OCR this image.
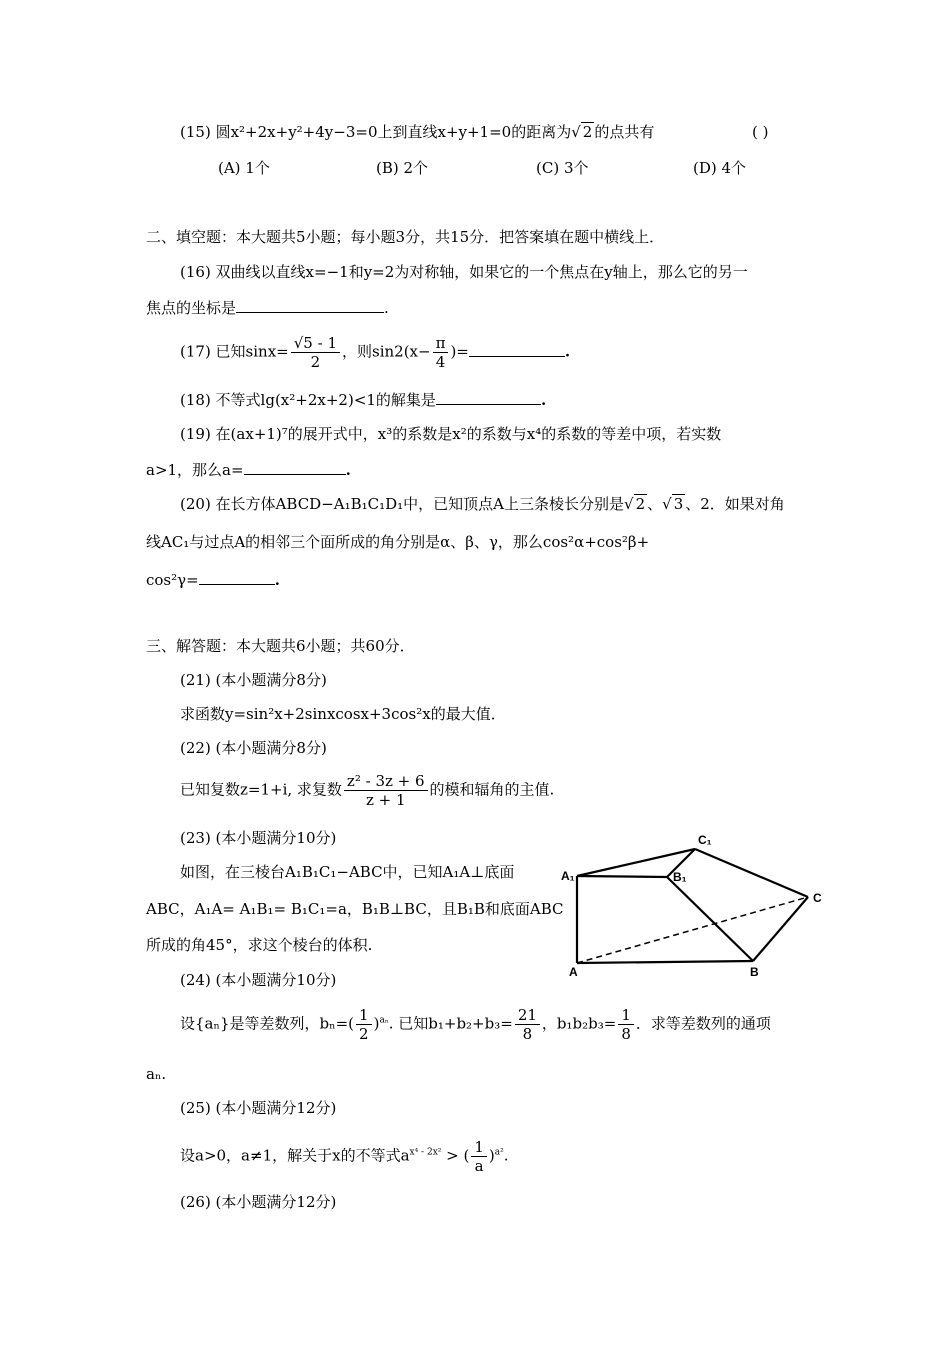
(15) 圆x²+2x+y²+4y−3=0上到直线x+y+1=0的距离为√ 2 的点共有	( )
(A) 1个	(B) 2个	(C) 3个	(D) 4个
二、填空题：本大题共5小题；每小题3分，共15分．把答案填在题中横线上．
(16) 双曲线以直线x=−1和y=2为对称轴，如果它的一个焦点在y轴上，那么它的另一
焦点的坐标是	.
(17) 已知$\sin x= \frac{√5 - 1}{2}$ ，则$\sin 2(x- \frac{\pi}{4}$ )=	.
(18) 不等式lg(x²+2x+2)<1的解集是	.
(19) 在(ax+1)⁷的展开式中，x³的系数是x²的系数与x⁴的系数的等差中项，若实数
a>1，那么a=	.
(20) 在长方体ABCD−A₁B₁C₁D₁中，已知顶点A上三条棱长分别是√ 2 、√ 3 、2．如果对角
线AC₁与过点A的相邻三个面所成的角分别是α、β、γ，那么cos²α+cos²β+
cos²γ=	.
三、解答题：本大题共6小题；共60分．
(21) (本小题满分8分)
求函数y=sin²x+2sinxcosx+3cos²x的最大值．
(22) (本小题满分8分)
已知复数z=1+i, 求复数 $\frac{\text{z² - 3z + 6}}{z + 1}$ 的模和辐角的主值.
(23) (本小题满分10分)
如图，在三棱台A₁B₁C₁−ABC中，已知A₁A⊥底面
ABC，A₁A= A₁B₁= B₁C₁=a，B₁B⊥BC，且B₁B和底面ABC
所成的角45°，求这个棱台的体积.
C₁
A₁	B₁
C
A	B
(24) (本小题满分10分)
设{aₙ}是等差数列，$b_n=( \frac{1}{2} )^{a_n}$. 已知$b_1+b_2+b_3= \frac{21}{8}$ ，$b_1b_2b_3= \frac{1}{8}$ ．求等差数列的通项
aₙ.
(25) (本小题满分12分)
设a>0，a≠1，解关于x的不等式$a^{x^4 - 2x^2}$ > ( $\frac{1}{a} )^{a^2}$.
(26) (本小题满分12分)
